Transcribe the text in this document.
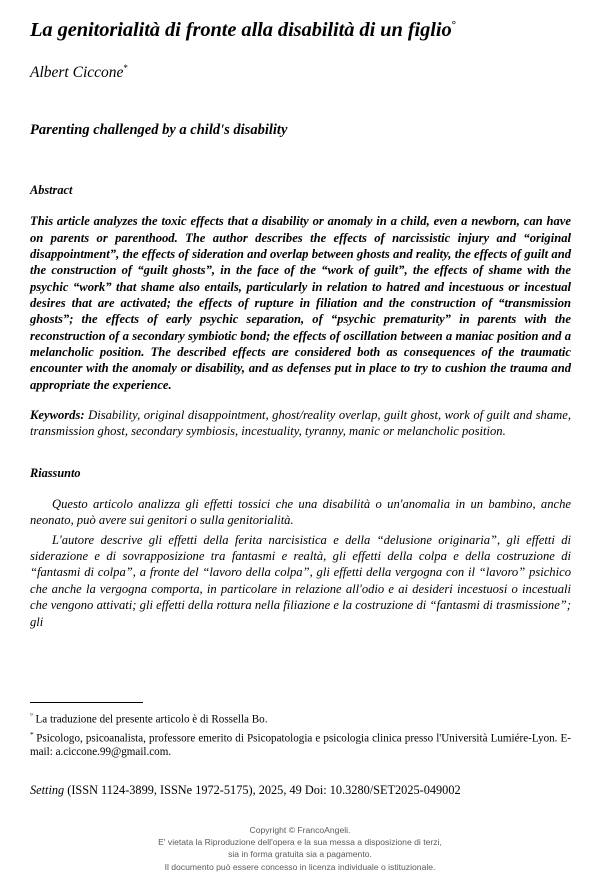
La genitorialità di fronte alla disabilità di un figlio°

Albert Ciccone*

Parenting challenged by a child's disability
Abstract

This article analyzes the toxic effects that a disability or anomaly in a child, even a newborn, can have on parents or parenthood. The author describes the effects of narcissistic injury and “original disappointment”, the effects of sideration and overlap between ghosts and reality, the effects of guilt and the construction of “guilt ghosts”, in the face of the “work of guilt”, the effects of shame with the psychic “work” that shame also entails, particularly in relation to hatred and incestuous or incestual desires that are activated; the effects of rupture in filiation and the construction of “transmission ghosts”; the effects of early psychic separation, of “psychic prematurity” in parents with the reconstruction of a secondary symbiotic bond; the effects of oscillation between a maniac position and a melancholic position. The described effects are considered both as consequences of the traumatic encounter with the anomaly or disability, and as defenses put in place to try to cushion the trauma and appropriate the experience.

Keywords: Disability, original disappointment, ghost/reality overlap, guilt ghost, work of guilt and shame, transmission ghost, secondary symbiosis, incestuality, tyranny, manic or melancholic position.

Riassunto

Questo articolo analizza gli effetti tossici che una disabilità o un'anomalia in un bambino, anche neonato, può avere sui genitori o sulla genitorialità.

L'autore descrive gli effetti della ferita narcisistica e della “delusione originaria”, gli effetti di siderazione e di sovrapposizione tra fantasmi e realtà, gli effetti della colpa e della costruzione di “fantasmi di colpa”, a fronte del “lavoro della colpa”, gli effetti della vergogna con il “lavoro” psichico che anche la vergogna comporta, in particolare in relazione all'odio e ai desideri incestuosi o incestuali che vengono attivati; gli effetti della rottura nella filiazione e la costruzione di “fantasmi di trasmissione”; gli

° La traduzione del presente articolo è di Rossella Bo.

* Psicologo, psicoanalista, professore emerito di Psicopatologia e psicologia clinica presso l'Università Lumiére-Lyon. E-mail: a.ciccone.99@gmail.com.

Setting (ISSN 1124-3899, ISSNe 1972-5175), 2025, 49 Doi: 10.3280/SET2025-049002
Copyright © FrancoAngeli.
E' vietata la Riproduzione dell'opera e la sua messa a disposizione di terzi,
sia in forma gratuita sia a pagamento.
Il documento può essere concesso in licenza individuale o istituzionale.
